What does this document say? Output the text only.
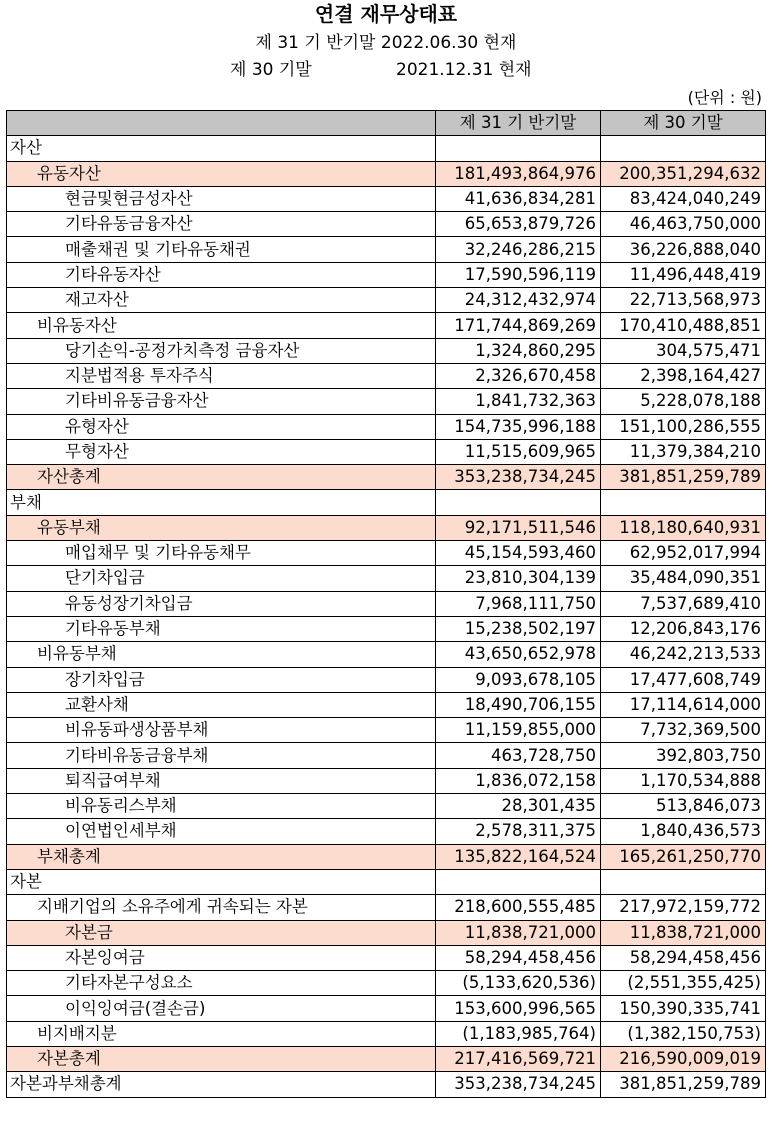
연결 재무상태표
제 31 기 반기말 2022.06.30 현재
제 30 기말	2021.12.31 현재
(단위 : 원)
	제 31 기 반기말	제 30 기말
자산		
유동자산	181,493,864,976	200,351,294,632
현금및현금성자산	41,636,834,281	83,424,040,249
기타유동금융자산	65,653,879,726	46,463,750,000
매출채권 및 기타유동채권	32,246,286,215	36,226,888,040
기타유동자산	17,590,596,119	11,496,448,419
재고자산	24,312,432,974	22,713,568,973
비유동자산	171,744,869,269	170,410,488,851
당기손익-공정가치측정 금융자산	1,324,860,295	304,575,471
지분법적용 투자주식	2,326,670,458	2,398,164,427
기타비유동금융자산	1,841,732,363	5,228,078,188
유형자산	154,735,996,188	151,100,286,555
무형자산	11,515,609,965	11,379,384,210
자산총계	353,238,734,245	381,851,259,789
부채		
유동부채	92,171,511,546	118,180,640,931
매입채무 및 기타유동채무	45,154,593,460	62,952,017,994
단기차입금	23,810,304,139	35,484,090,351
유동성장기차입금	7,968,111,750	7,537,689,410
기타유동부채	15,238,502,197	12,206,843,176
비유동부채	43,650,652,978	46,242,213,533
장기차입금	9,093,678,105	17,477,608,749
교환사채	18,490,706,155	17,114,614,000
비유동파생상품부채	11,159,855,000	7,732,369,500
기타비유동금융부채	463,728,750	392,803,750
퇴직급여부채	1,836,072,158	1,170,534,888
비유동리스부채	28,301,435	513,846,073
이연법인세부채	2,578,311,375	1,840,436,573
부채총계	135,822,164,524	165,261,250,770
자본		
지배기업의 소유주에게 귀속되는 자본	218,600,555,485	217,972,159,772
자본금	11,838,721,000	11,838,721,000
자본잉여금	58,294,458,456	58,294,458,456
기타자본구성요소	(5,133,620,536)	(2,551,355,425)
이익잉여금(결손금)	153,600,996,565	150,390,335,741
비지배지분	(1,183,985,764)	(1,382,150,753)
자본총계	217,416,569,721	216,590,009,019
자본과부채총계	353,238,734,245	381,851,259,789
